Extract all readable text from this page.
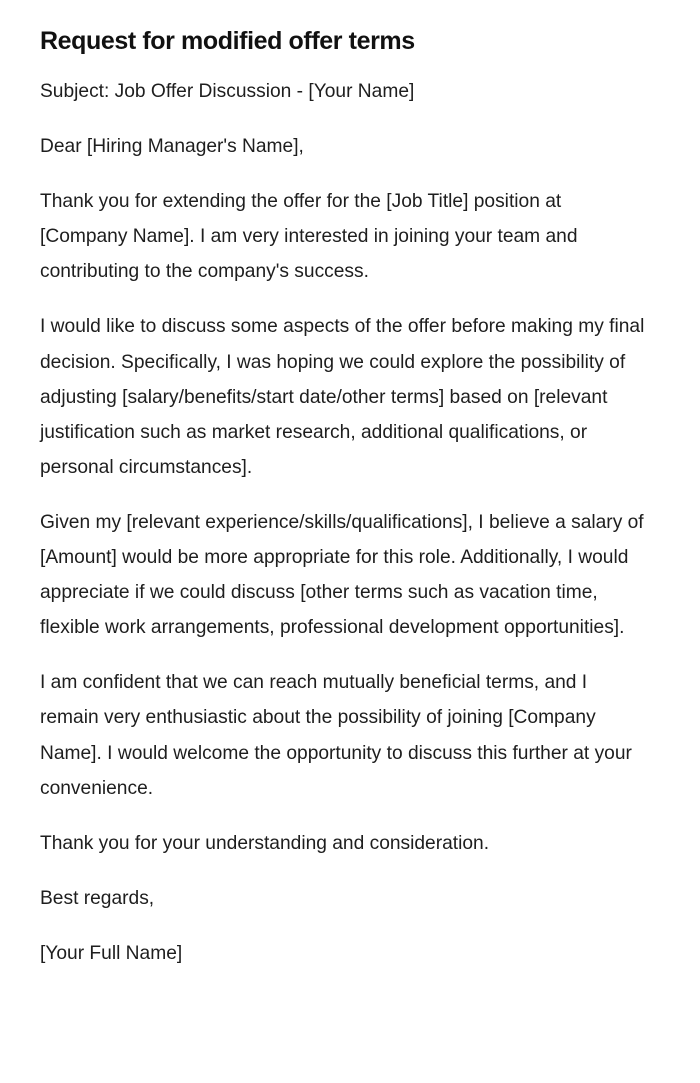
Request for modified offer terms

Subject: Job Offer Discussion - [Your Name]

Dear [Hiring Manager's Name],

Thank you for extending the offer for the [Job Title] position at [Company Name]. I am very interested in joining your team and contributing to the company's success.

I would like to discuss some aspects of the offer before making my final decision. Specifically, I was hoping we could explore the possibility of adjusting [salary/benefits/start date/other terms] based on [relevant justification such as market research, additional qualifications, or personal circumstances].

Given my [relevant experience/skills/qualifications], I believe a salary of [Amount] would be more appropriate for this role. Additionally, I would appreciate if we could discuss [other terms such as vacation time, flexible work arrangements, professional development opportunities].

I am confident that we can reach mutually beneficial terms, and I remain very enthusiastic about the possibility of joining [Company Name]. I would welcome the opportunity to discuss this further at your convenience.

Thank you for your understanding and consideration.

Best regards,

[Your Full Name]
